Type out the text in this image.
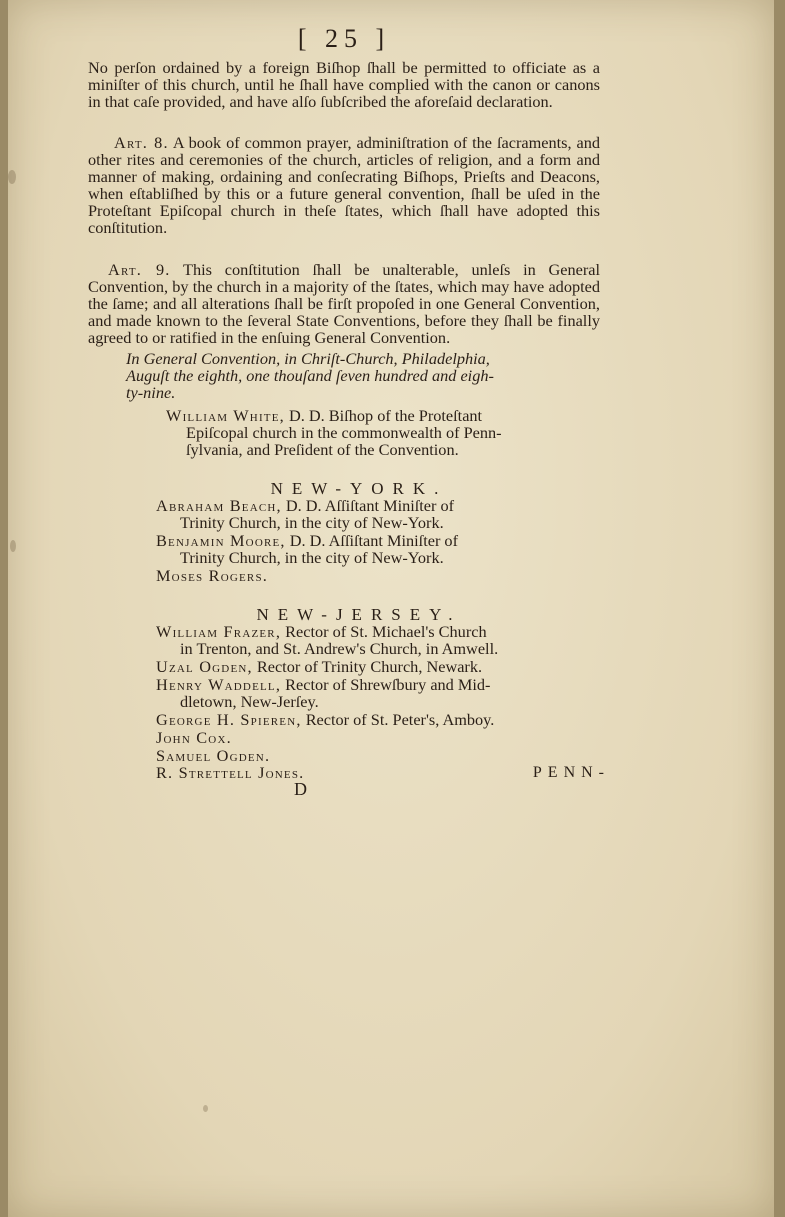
[ 25 ]

No perſon ordained by a foreign Biſhop ſhall be permitted to officiate as a miniſter of this church, until he ſhall have complied with the canon or canons in that caſe provided, and have alſo ſubſcribed the aforeſaid declaration.

Art. 8. A book of common prayer, adminiſtration of the ſacraments, and other rites and ceremonies of the church, articles of religion, and a form and manner of making, ordaining and conſecrating Biſhops, Prieſts and Deacons, when eſtabliſhed by this or a future general convention, ſhall be uſed in the Proteſtant Epiſcopal church in theſe ſtates, which ſhall have adopted this conſtitution.

Art. 9. This conſtitution ſhall be unalterable, unleſs in General Convention, by the church in a majority of the ſtates, which may have adopted the ſame; and all alterations ſhall be firſt propoſed in one General Convention, and made known to the ſeveral State Conventions, before they ſhall be finally agreed to or ratified in the enſuing General Convention.

In General Convention, in Chriſt-Church, Philadelphia,
Auguſt the eighth, one thouſand ſeven hundred and eigh-
ty-nine.

William White, D. D. Biſhop of the Proteſtant
Epiſcopal church in the commonwealth of Penn-
ſylvania, and Preſident of the Convention.

NEW-YORK.

Abraham Beach, D. D. Aſſiſtant Miniſter of
Trinity Church, in the city of New-York.

Benjamin Moore, D. D. Aſſiſtant Miniſter of
Trinity Church, in the city of New-York.

Moses Rogers.

NEW-JERSEY.

William Frazer, Rector of St. Michael's Church
in Trenton, and St. Andrew's Church, in Amwell.

Uzal Ogden, Rector of Trinity Church, Newark.

Henry Waddell, Rector of Shrewſbury and Mid-
dletown, New-Jerſey.

George H. Spieren, Rector of St. Peter's, Amboy.

John Cox.

Samuel Ogden.

R. Strettell Jones.	PENN-
D
